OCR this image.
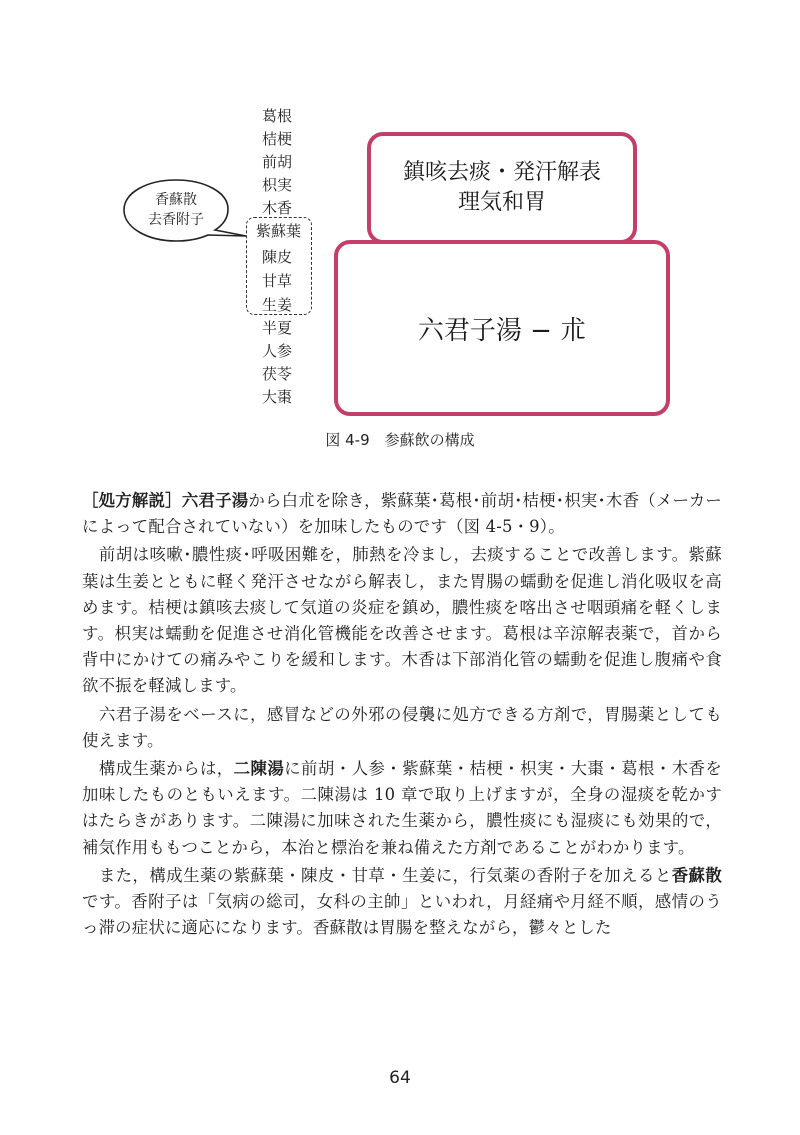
葛根
桔梗
前胡
枳実
木香
紫蘇葉
陳皮
甘草
生姜
半夏
人参
茯苓
大棗
香蘇散
去香附子
六君子湯 − 朮
鎮咳去痰・発汗解表
理気和胃
図 4-9　参蘇飲の構成

［処方解説］六君子湯から白朮を除き，紫蘇葉･葛根･前胡･桔梗･枳実･木香（メーカーによって配合されていない）を加味したものです（図 4-5・9）。

　前胡は咳嗽･膿性痰･呼吸困難を，肺熱を冷まし，去痰することで改善します。紫蘇葉は生姜とともに軽く発汗させながら解表し，また胃腸の蠕動を促進し消化吸収を高めます。桔梗は鎮咳去痰して気道の炎症を鎮め，膿性痰を喀出させ咽頭痛を軽くします。枳実は蠕動を促進させ消化管機能を改善させます。葛根は辛涼解表薬で，首から背中にかけての痛みやこりを緩和します。木香は下部消化管の蠕動を促進し腹痛や食欲不振を軽減します。

　六君子湯をベースに，感冒などの外邪の侵襲に処方できる方剤で，胃腸薬としても使えます。

　構成生薬からは，二陳湯に前胡・人参・紫蘇葉・桔梗・枳実・大棗・葛根・木香を加味したものともいえます。二陳湯は 10 章で取り上げますが，全身の湿痰を乾かすはたらきがあります。二陳湯に加味された生薬から，膿性痰にも湿痰にも効果的で，補気作用ももつことから，本治と標治を兼ね備えた方剤であることがわかります。

　また，構成生薬の紫蘇葉・陳皮・甘草・生姜に，行気薬の香附子を加えると香蘇散です。香附子は「気病の総司，女科の主帥」といわれ，月経痛や月経不順，感情のうっ滞の症状に適応になります。香蘇散は胃腸を整えながら，鬱々とした

64
